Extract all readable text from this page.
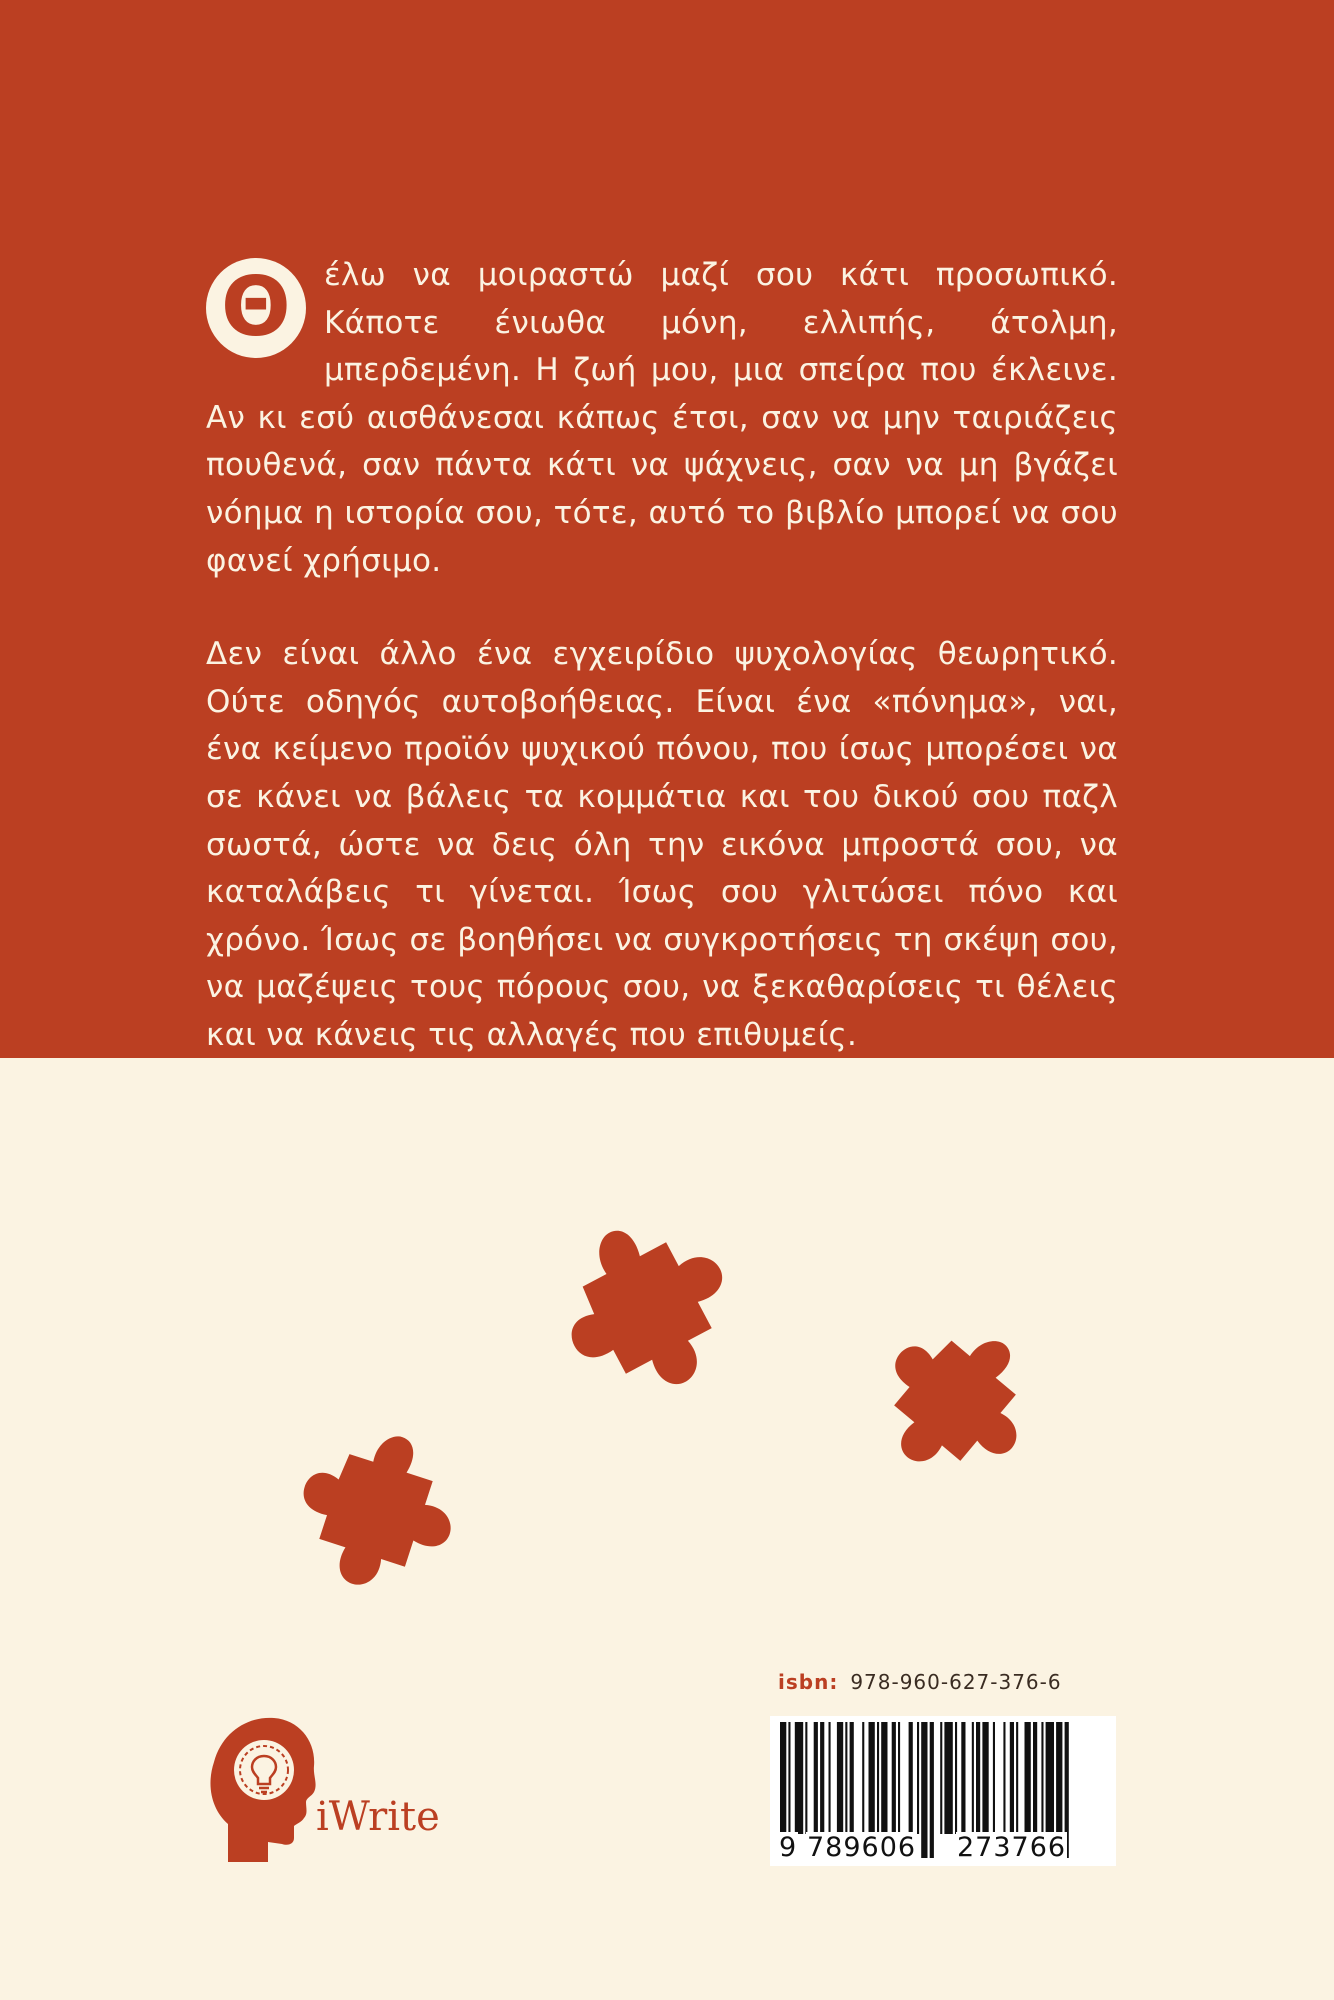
Θ	έλω να μοιραστώ μαζί σου κάτι προσωπικό. Κάποτε ένιωθα μόνη, ελλιπής, άτολμη, μπερδεμένη. Η ζωή μου, μια σπείρα που έκλεινε. Αν κι εσύ αισθάνεσαι κάπως έτσι, σαν να μην ταιριάζεις πουθενά, σαν πάντα κάτι να ψάχνεις, σαν να μη βγάζει νόημα η ιστορία σου, τότε, αυτό το βιβλίο μπορεί να σου φανεί χρήσιμο.

Δεν είναι άλλο ένα εγχειρίδιο ψυχολογίας θεωρητικό. Ούτε οδηγός αυτοβοήθειας. Είναι ένα «πόνημα», ναι, ένα κείμενο προϊόν ψυχικού πόνου, που ίσως μπορέσει να σε κάνει να βάλεις τα κομμάτια και του δικού σου παζλ σωστά, ώστε να δεις όλη την εικόνα μπροστά σου, να καταλάβεις τι γίνεται. Ίσως σου γλιτώσει πόνο και χρόνο. Ίσως σε βοηθήσει να συγκροτήσεις τη σκέψη σου, να μαζέψεις τους πόρους σου, να ξεκαθαρίσεις τι θέλεις και να κάνεις τις αλλαγές που επιθυμείς.

isbn: 978-960-627-376-6
9 789606 273766
iWrite
